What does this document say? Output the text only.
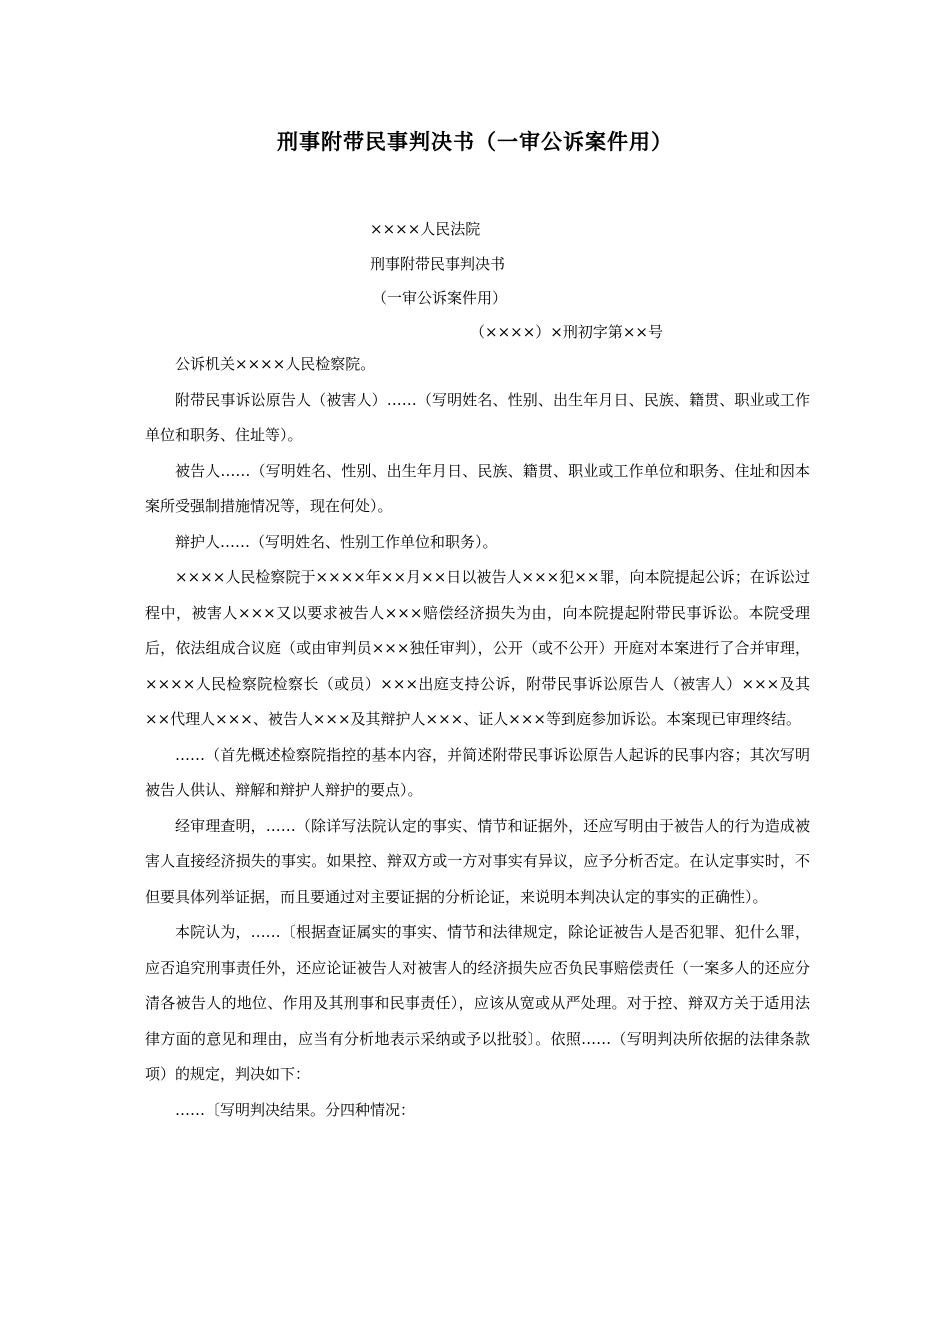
刑事附带民事判决书（一审公诉案件用）
××××人民法院
刑事附带民事判决书
（一审公诉案件用）
（××××）×刑初字第××号

公诉机关××××人民检察院。

附带民事诉讼原告人（被害人）……（写明姓名、性别、出生年月日、民族、籍贯、职业或工作单位和职务、住址等）。

被告人……（写明姓名、性别、出生年月日、民族、籍贯、职业或工作单位和职务、住址和因本案所受强制措施情况等，现在何处）。

辩护人……（写明姓名、性别工作单位和职务）。

××××人民检察院于××××年××月××日以被告人×××犯××罪，向本院提起公诉；在诉讼过程中，被害人×××又以要求被告人×××赔偿经济损失为由，向本院提起附带民事诉讼。本院受理后，依法组成合议庭（或由审判员×××独任审判），公开（或不公开）开庭对本案进行了合并审理，××××人民检察院检察长（或员）×××出庭支持公诉，附带民事诉讼原告人（被害人）×××及其××代理人×××、被告人×××及其辩护人×××、证人×××等到庭参加诉讼。本案现已审理终结。

……（首先概述检察院指控的基本内容，并简述附带民事诉讼原告人起诉的民事内容；其次写明被告人供认、辩解和辩护人辩护的要点）。

经审理查明，……（除详写法院认定的事实、情节和证据外，还应写明由于被告人的行为造成被害人直接经济损失的事实。如果控、辩双方或一方对事实有异议，应予分析否定。在认定事实时，不但要具体列举证据，而且要通过对主要证据的分析论证，来说明本判决认定的事实的正确性）。

本院认为，……〔根据查证属实的事实、情节和法律规定，除论证被告人是否犯罪、犯什么罪，应否追究刑事责任外，还应论证被告人对被害人的经济损失应否负民事赔偿责任（一案多人的还应分清各被告人的地位、作用及其刑事和民事责任），应该从宽或从严处理。对于控、辩双方关于适用法律方面的意见和理由，应当有分析地表示采纳或予以批驳〕。依照……（写明判决所依据的法律条款项）的规定，判决如下：

……〔写明判决结果。分四种情况：
